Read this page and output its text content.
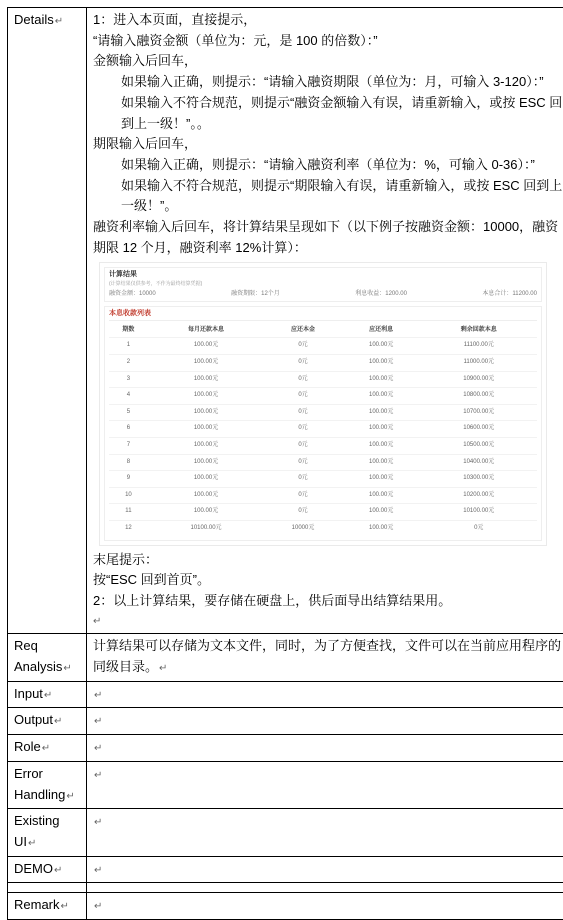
Details↵	1：进入本页面，直接提示，

“请输入融资金额（单位为：元，是 100 的倍数）：”

金额输入后回车，

如果输入正确，则提示：“请输入融资期限（单位为：月，可输入 3-120）：”

如果输入不符合规范，则提示“融资金额输入有误，请重新输入，或按 ESC 回到上一级！”。。

期限输入后回车，

如果输入正确，则提示：“请输入融资利率（单位为：%，可输入 0-36）：”

如果输入不符合规范，则提示“期限输入有误，请重新输入，或按 ESC 回到上一级！”。

融资利率输入后回车，将计算结果呈现如下（以下例子按融资金额：10000，融资期限 12 个月，融资利率 12%计算）：

计算结果
(计算结果仅供参考，不作为最终结算凭据)
融资金额：10000	融资期限：12个月	利息收益：1200.00	本息合计：11200.00
本息收款列表
期数	每月还款本息	应还本金	应还利息	剩余回款本息
1	100.00元	0元	100.00元	11100.00元
2	100.00元	0元	100.00元	11000.00元
3	100.00元	0元	100.00元	10900.00元
4	100.00元	0元	100.00元	10800.00元
5	100.00元	0元	100.00元	10700.00元
6	100.00元	0元	100.00元	10600.00元
7	100.00元	0元	100.00元	10500.00元
8	100.00元	0元	100.00元	10400.00元
9	100.00元	0元	100.00元	10300.00元
10	100.00元	0元	100.00元	10200.00元
11	100.00元	0元	100.00元	10100.00元
12	10100.00元	10000元	100.00元	0元

末尾提示：

按“ESC 回到首页”。

2：以上计算结果，要存储在硬盘上，供后面导出结算结果用。

↵

Req Analysis↵	计算结果可以存储为文本文件，同时，为了方便查找，文件可以在当前应用程序的同级目录。↵
Input↵	↵
Output↵	↵
Role↵	↵
Error Handling↵	↵
Existing UI↵	↵
DEMO↵	↵

Remark↵	↵
